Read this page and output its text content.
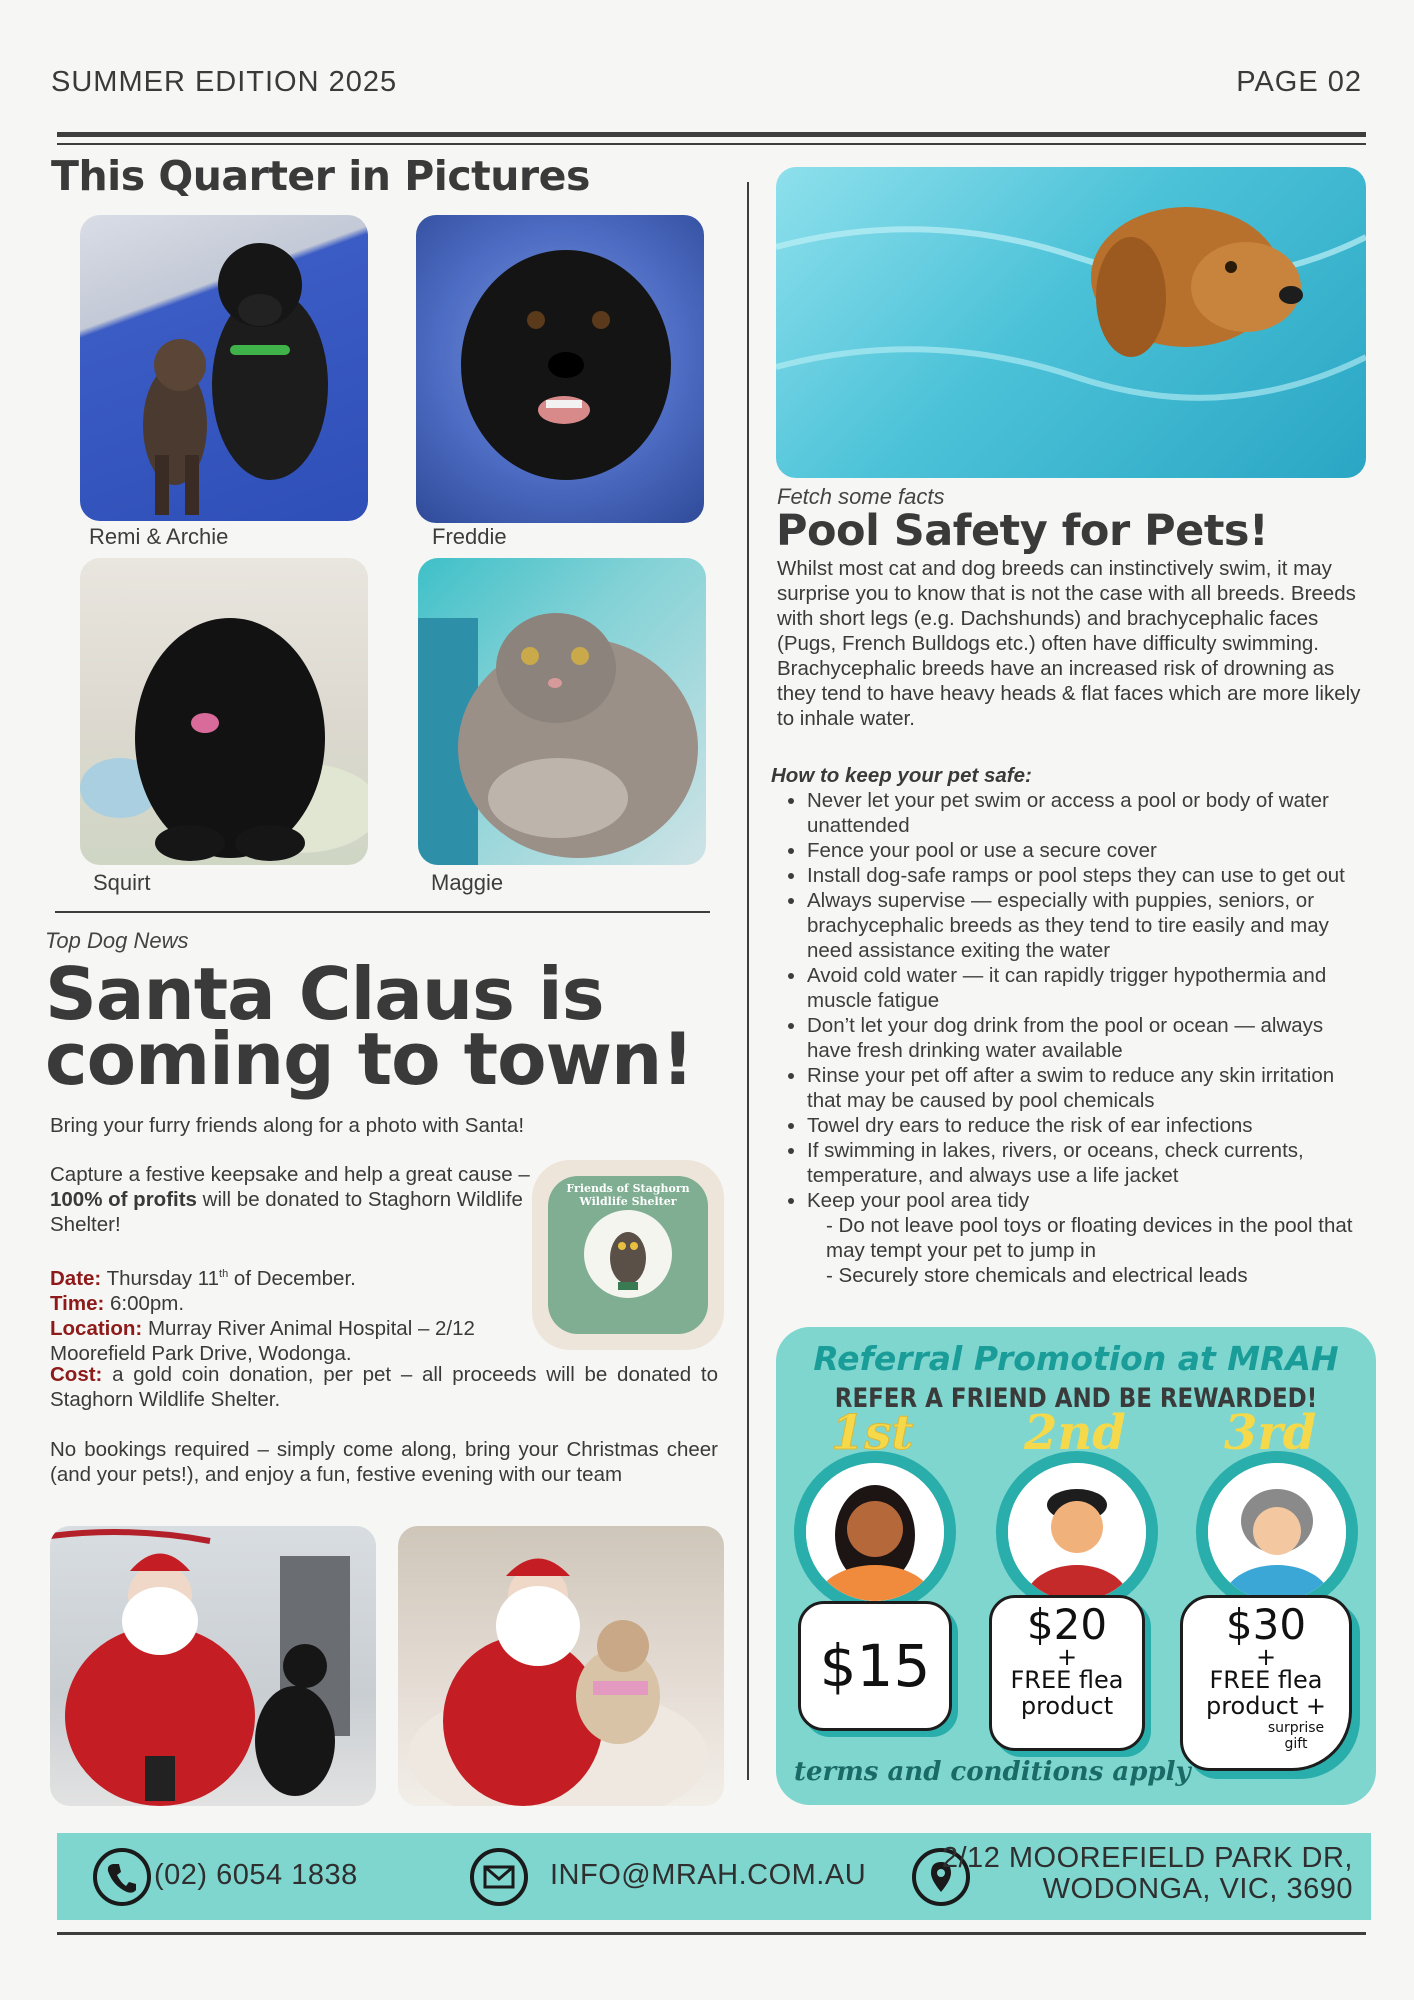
SUMMER EDITION 2025	PAGE 02
This Quarter in Pictures
Remi & Archie	Freddie
Squirt	Maggie
Top Dog News
Santa Claus is
coming to town!
Bring your furry friends along for a photo with Santa!
Capture a festive keepsake and help a great cause – 100% of profits will be donated to Staghorn Wildlife Shelter!
Friends of Staghorn Wildlife Shelter
Date: Thursday 11th of December.
Time: 6:00pm.
Location: Murray River Animal Hospital – 2/12 Moorefield Park Drive, Wodonga.
Cost: a gold coin donation, per pet – all proceeds will be donated to Staghorn Wildlife Shelter.
No bookings required – simply come along, bring your Christmas cheer (and your pets!), and enjoy a fun, festive evening with our team
Fetch some facts
Pool Safety for Pets!
Whilst most cat and dog breeds can instinctively swim, it may surprise you to know that is not the case with all breeds. Breeds with short legs (e.g. Dachshunds) and brachycephalic faces (Pugs, French Bulldogs etc.) often have difficulty swimming. Brachycephalic breeds have an increased risk of drowning as they tend to have heavy heads & flat faces which are more likely to inhale water.
How to keep your pet safe:
• Never let your pet swim or access a pool or body of water unattended
• Fence your pool or use a secure cover
• Install dog-safe ramps or pool steps they can use to get out
• Always supervise — especially with puppies, seniors, or brachycephalic breeds as they tend to tire easily and may need assistance exiting the water
• Avoid cold water — it can rapidly trigger hypothermia and muscle fatigue
• Don’t let your dog drink from the pool or ocean — always have fresh drinking water available
• Rinse your pet off after a swim to reduce any skin irritation that may be caused by pool chemicals
• Towel dry ears to reduce the risk of ear infections
• If swimming in lakes, rivers, or oceans, check currents, temperature, and always use a life jacket
• Keep your pool area tidy
- Do not leave pool toys or floating devices in the pool that may tempt your pet to jump in
- Securely store chemicals and electrical leads
Referral Promotion at MRAH
REFER A FRIEND AND BE REWARDED!
1st 2nd 3rd
$15
$20
+
FREE flea
product
$30
+
FREE flea
product +
surprise gift
terms and conditions apply
(02) 6054 1838	INFO@MRAH.COM.AU
2/12 MOOREFIELD PARK DR,
WODONGA, VIC, 3690
